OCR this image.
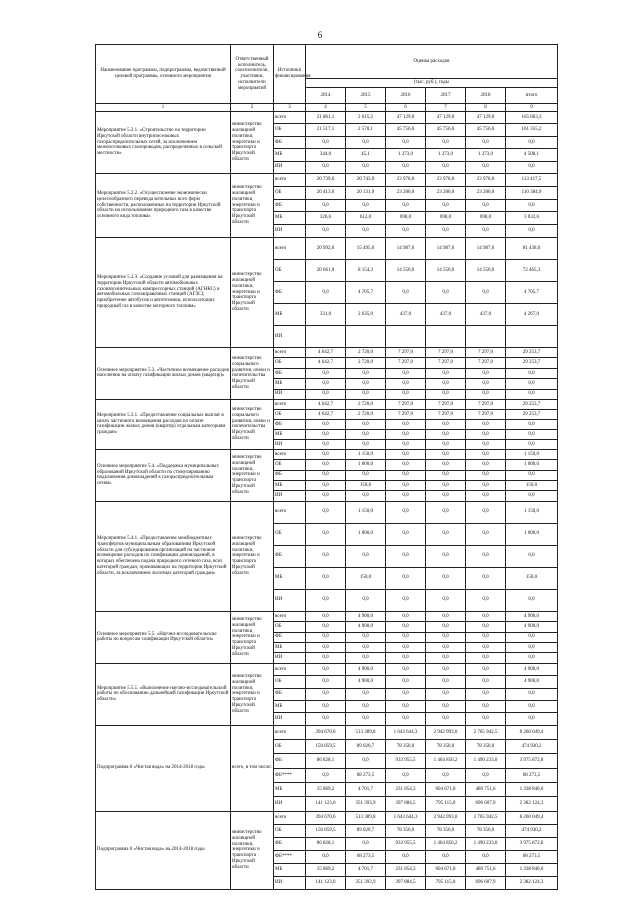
6
Наименование программы, подпрограммы, ведомственной целевой программы, основного мероприятия	Ответственный исполнитель, соисполнители, участники, исполнители мероприятий	Источники финансирования	Оценка расходов					
			(тыс. руб.), годы					
			2014	2015	2016	2017	2018	итого
1	2	3	4	5	6	7	8	9
Мероприятие 5.2.1. «Строительство на территории Иркутской области внутрипоселковых газораспределительных сетей, за исключением межпоселковых газопроводов, распределенных в сельской местности»	министерство жилищной политики, энергетики и транспорта Иркутской области	всего	21 861,1	2 615,2	47 129,0	47 129,0	47 129,0	165 863,3
		ОБ	21 517,1	2 570,1	45 756,0	45 756,0	45 756,0	161 355,2
		ФБ	0,0	0,0	0,0	0,0	0,0	0,0
		МБ	344,0	45,1	1 373,0	1 373,0	1 373,0	4 508,1
		ИИ	0,0	0,0	0,0	0,0	0,0	0,0
Мероприятие 5.2.2. «Осуществление экономически целесообразного перевода котельных всех форм собственности, расположенных на территории Иркутской области на использование природного газа в качестве основного вида топлива»	министерство жилищной политики, энергетики и транспорта Иркутской области	всего	20 739,6	20 743,9	23 978,0	23 978,0	23 978,0	113 417,5
		ОБ	20 413,0	20 131,9	23 280,0	23 280,0	23 280,0	110 384,9
		ФБ	0,0	0,0	0,0	0,0	0,0	0,0
		МБ	326,6	612,0	698,0	698,0	698,0	3 032,6
		ИИ	0,0	0,0	0,0	0,0	0,0	0,0
Мероприятие 5.2.3. «Создание условий для размещения на территории Иркутской области автомобильных газонаполнительных компрессорных станций (АГНКС) и автомобильных газозаправочных станций (АГЗС); приобретение автобусов и автотехники, использующих природный газ в качестве моторного топлива»	министерство жилищной политики, энергетики и транспорта Иркутской области	всего	20 992,0	15 495,0	14 987,0	14 987,0	14 987,0	81 438,0
		ОБ	20 661,0	8 154,3	14 550,0	14 550,0	14 550,0	72 465,3
		ФБ	0,0	4 705,7	0,0	0,0	0,0	4 705,7
		МБ	331,0	2 635,0	437,0	437,0	437,0	4 267,0
		ИИ						
Основное мероприятие 5.3. «Частичное возмещение расходов населению на оплату газификации жилых домов (квартир)»	министерство социального развития, опеки и попечительства Иркутской области	всего	4 642,7	2 720,0	7 297,0	7 297,0	7 297,0	29 253,7
		ОБ	4 642,7	2 720,0	7 297,0	7 297,0	7 297,0	29 253,7
		ФБ	0,0	0,0	0,0	0,0	0,0	0,0
		МБ	0,0	0,0	0,0	0,0	0,0	0,0
		ИИ	0,0	0,0	0,0	0,0	0,0	0,0
Мероприятие 5.3.1. «Предоставление социальных выплат в целях частичного возмещения расходов по оплате газификации жилых домов (квартир) отдельным категориям граждан»	министерство социального развития, опеки и попечительства Иркутской области	всего	4 642,7	2 720,0	7 297,0	7 297,0	7 297,0	29 253,7
		ОБ	4 642,7	2 720,0	7 297,0	7 297,0	7 297,0	29 253,7
		ФБ	0,0	0,0	0,0	0,0	0,0	0,0
		МБ	0,0	0,0	0,0	0,0	0,0	0,0
		ИИ	0,0	0,0	0,0	0,0	0,0	0,0
Основное мероприятие 5.4. «Поддержка муниципальных образований Иркутской области по стимулированию подключения домовладений к газораспределительным сетям»	министерство жилищной политики, энергетики и транспорта Иркутской области	всего	0,0	1 150,0	0,0	0,0	0,0	1 150,0
		ОБ	0,0	1 000,0	0,0	0,0	0,0	1 000,0
		ФБ	0,0	0,0	0,0	0,0	0,0	0,0
		МБ	0,0	150,0	0,0	0,0	0,0	150,0
		ИИ	0,0	0,0	0,0	0,0	0,0	0,0
Мероприятие 5.4.1. «Предоставление межбюджетных трансфертов муниципальным образованиям Иркутской области для субсидирования организаций на частичное возмещение расходов по газификации домовладений, в которых обеспечена подача природного сетевого газа, всех категорий граждан, проживающих на территории Иркутской области, за исключением льготных категорий граждан»	министерство жилищной политики, энергетики и транспорта Иркутской области	всего	0,0	1 150,0	0,0	0,0	0,0	1 150,0
		ОБ	0,0	1 000,0	0,0	0,0	0,0	1 000,0
		ФБ	0,0	0,0	0,0	0,0	0,0	0,0
		МБ	0,0	150,0	0,0	0,0	0,0	150,0
		ИИ	0,0	0,0	0,0	0,0	0,0	0,0
Основное мероприятие 5.5. «Научно-исследовательские работы по вопросам газификации Иркутской области»	министерство жилищной политики, энергетики и транспорта Иркутской области	всего	0,0	4 900,0	0,0	0,0	0,0	4 900,0
		ОБ	0,0	4 900,0	0,0	0,0	0,0	4 900,0
		ФБ	0,0	0,0	0,0	0,0	0,0	0,0
		МБ	0,0	0,0	0,0	0,0	0,0	0,0
		ИИ	0,0	0,0	0,0	0,0	0,0	0,0
Мероприятие 5.5.1. «Выполнение научно-исследовательской работы по обоснованию дальнейшей газификации Иркутской области»	министерство жилищной политики, энергетики и транспорта Иркутской области	всего	0,0	4 900,0	0,0	0,0	0,0	4 900,0
		ОБ	0,0	4 900,0	0,0	0,0	0,0	4 900,0
		ФБ	0,0	0,0	0,0	0,0	0,0	0,0
		МБ	0,0	0,0	0,0	0,0	0,0	0,0
		ИИ	0,0	0,0	0,0	0,0	0,0	0,0
Подпрограмма 6 «Чистая вода» на 2014-2018 годы	всего, в том числе:	всего	394 670,6	513 389,8	1 643 644,3	2 942 993,0	2 765 942,5	8 260 049,4
		ОБ	150 859,5	89 020,7	78 350,0	78 350,0	78 350,0	474 930,2
		ФБ	86 828,1	0,0	933 955,5	1 464 856,2	1 490 233,0	3 975 872,8
		ФБ****	0,0	68 273,5	0,0	0,0	0,0	68 273,5
		МБ	15 869,2	4 701,7	231 854,3	604 671,8	480 751,6	1 338 848,6
		ИИ	141 123,0	351 393,9	397 884,5	795 115,0	696 607,9	2 382 124,3
Подпрограмма 6 «Чистая вода» на 2014-2018 годы	министерство жилищной политики, энергетики и транспорта Иркутской области	всего	394 670,6	513 389,8	1 643 644,3	2 942 993,0	2 765 942,5	8 260 049,4
		ОБ	150 859,5	89 020,7	78 350,0	78 350,0	78 350,0	474 930,2
		ФБ	86 828,1	0,0	933 955,5	1 464 856,2	1 490 233,0	3 975 872,8
		ФБ****	0,0	68 273,5	0,0	0,0	0,0	68 273,5
		МБ	15 869,2	4 701,7	231 854,3	604 671,8	480 751,6	1 338 848,6
		ИИ	141 123,0	351 393,9	397 884,5	795 115,0	696 607,9	2 382 124,3
